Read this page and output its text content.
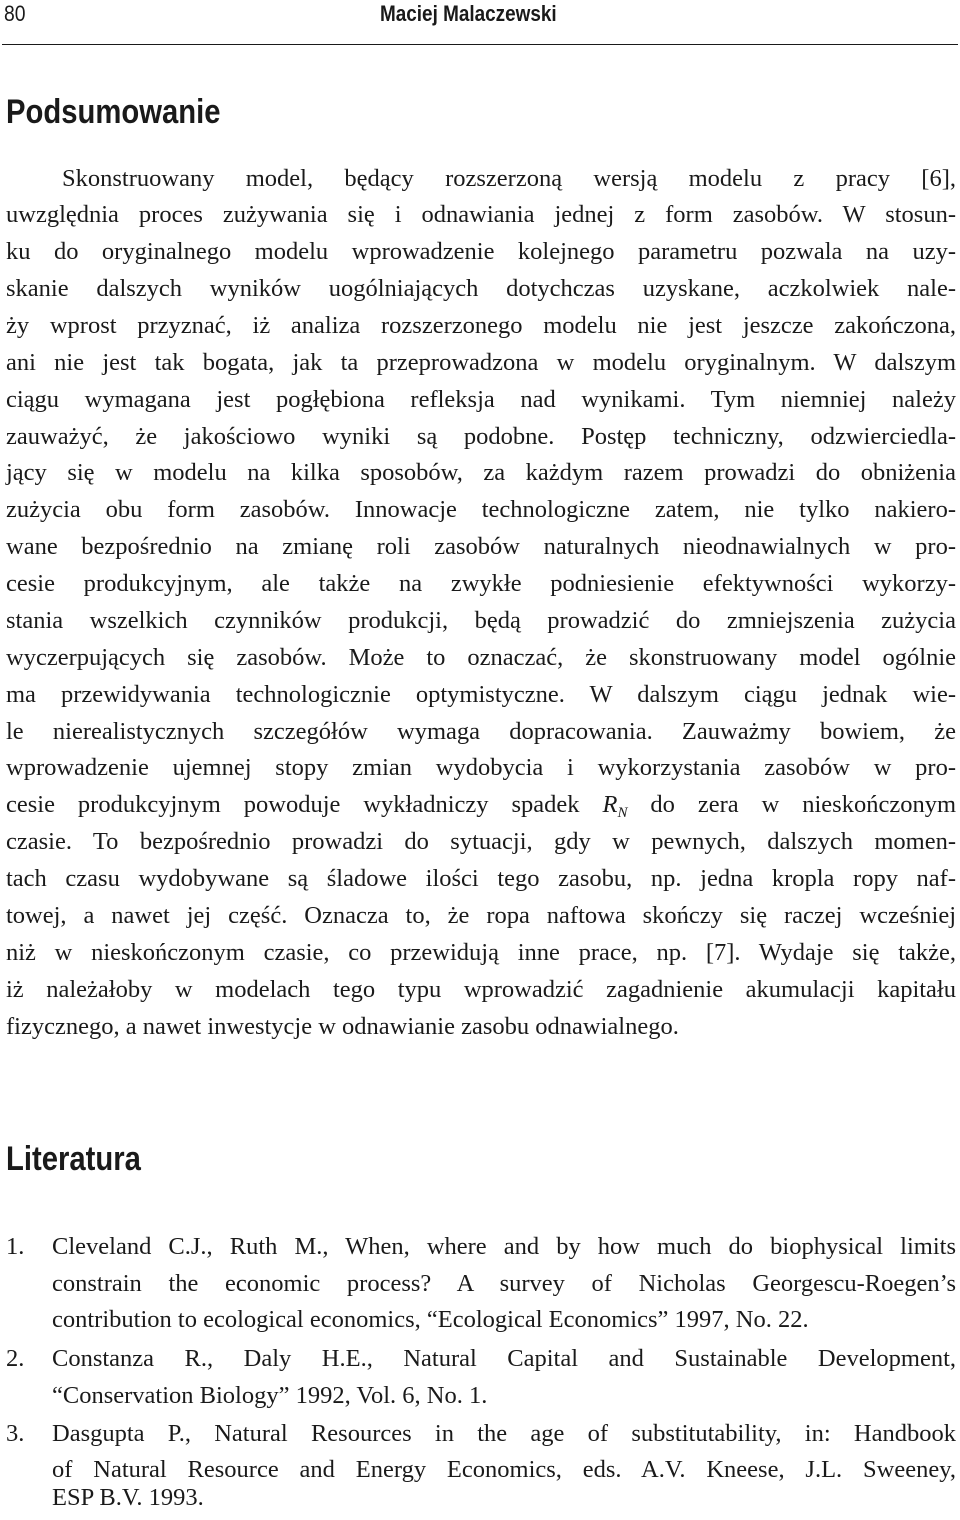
80	Maciej Malaczewski
Podsumowanie
Skonstruowany model, będący rozszerzoną wersją modelu z pracy [6],
uwzględnia proces zużywania się i odnawiania jednej z form zasobów. W stosun-
ku do oryginalnego modelu wprowadzenie kolejnego parametru pozwala na uzy-
skanie dalszych wyników uogólniających dotychczas uzyskane, aczkolwiek nale-
ży wprost przyznać, iż analiza rozszerzonego modelu nie jest jeszcze zakończona,
ani nie jest tak bogata, jak ta przeprowadzona w modelu oryginalnym. W dalszym
ciągu wymagana jest pogłębiona refleksja nad wynikami. Tym niemniej należy
zauważyć, że jakościowo wyniki są podobne. Postęp techniczny, odzwierciedla-
jący się w modelu na kilka sposobów, za każdym razem prowadzi do obniżenia
zużycia obu form zasobów. Innowacje technologiczne zatem, nie tylko nakiero-
wane bezpośrednio na zmianę roli zasobów naturalnych nieodnawialnych w pro-
cesie produkcyjnym, ale także na zwykłe podniesienie efektywności wykorzy-
stania wszelkich czynników produkcji, będą prowadzić do zmniejszenia zużycia
wyczerpujących się zasobów. Może to oznaczać, że skonstruowany model ogólnie
ma przewidywania technologicznie optymistyczne. W dalszym ciągu jednak wie-
le nierealistycznych szczegółów wymaga dopracowania. Zauważmy bowiem, że
wprowadzenie ujemnej stopy zmian wydobycia i wykorzystania zasobów w pro-
cesie produkcyjnym powoduje wykładniczy spadek $R_N$ do zera w nieskończonym
czasie. To bezpośrednio prowadzi do sytuacji, gdy w pewnych, dalszych momen-
tach czasu wydobywane są śladowe ilości tego zasobu, np. jedna kropla ropy naf-
towej, a nawet jej część. Oznacza to, że ropa naftowa skończy się raczej wcześniej
niż w nieskończonym czasie, co przewidują inne prace, np. [7]. Wydaje się także,
iż należałoby w modelach tego typu wprowadzić zagadnienie akumulacji kapitału
fizycznego, a nawet inwestycje w odnawianie zasobu odnawialnego.
Literatura
1. Cleveland C.J., Ruth M., When, where and by how much do biophysical limits
constrain the economic process? A survey of Nicholas Georgescu-Roegen’s
contribution to ecological economics, “Ecological Economics” 1997, No. 22.
2. Constanza R., Daly H.E., Natural Capital and Sustainable Development,
“Conservation Biology” 1992, Vol. 6, No. 1.
3. Dasgupta P., Natural Resources in the age of substitutability, in: Handbook
of Natural Resource and Energy Economics, eds. A.V. Kneese, J.L. Sweeney,
ESP B.V. 1993.
